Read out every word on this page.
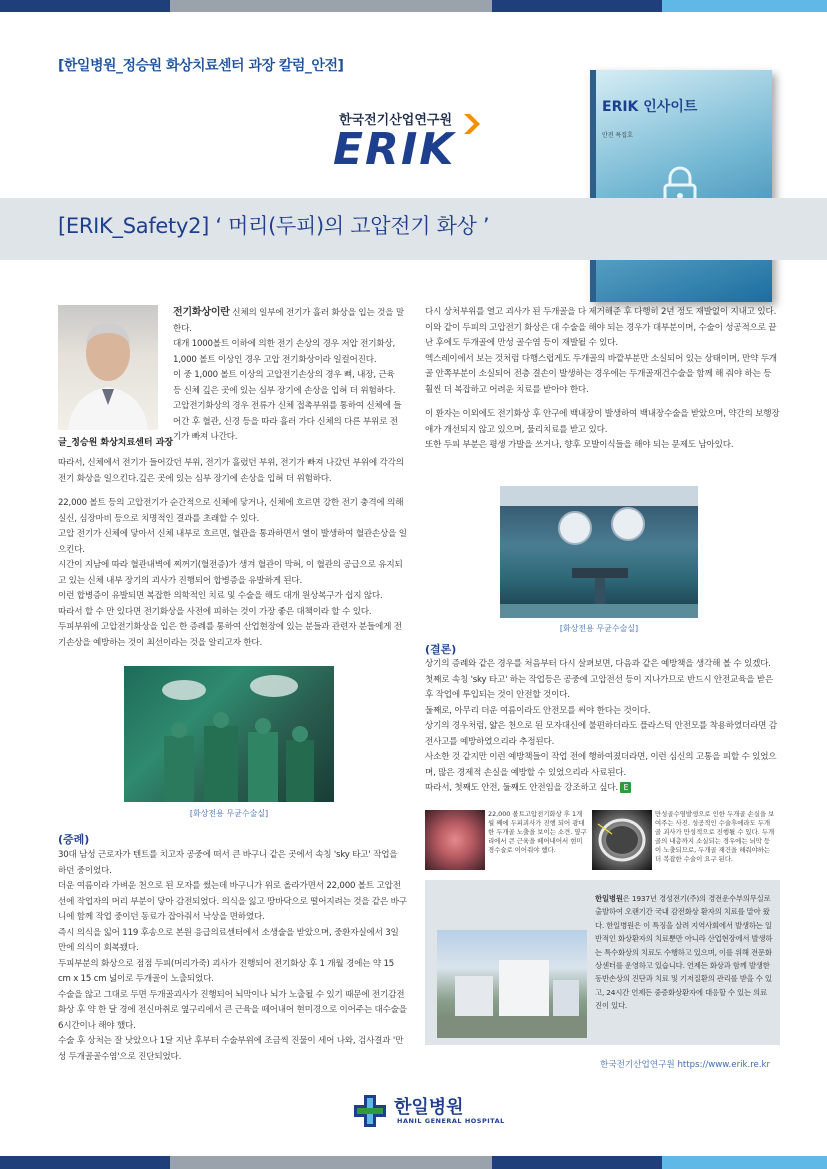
[한일병원_정승원 화상치료센터 과장 칼럼_안전]
한국전기산업연구원
ERIK
ERIK 인사이트
안전 특집호
[ERIK_Safety2] ‘ 머리(두피)의 고압전기 화상 ’
글_정승원 화상치료센터 과장

전기화상이란 신체의 일부에 전기가 흘러 화상을 입는 것을 말한다.

대개 1000볼트 이하에 의한 전기 손상의 경우 저압 전기화상,

1,000 볼트 이상인 경우 고압 전기화상이라 일컬어진다.

이 중 1,000 볼트 이상의 고압전기손상의 경우 뼈, 내장, 근육 등 신체 깊은 곳에 있는 심부 장기에 손상을 입혀 더 위험하다.

고압전기화상의 경우 전류가 신체 접촉부위를 통하여 신체에 들어간 후 혈관, 신경 등을 따라 흘러 가다 신체의 다른 부위로 전기가 빠져 나간다.

따라서, 신체에서 전기가 들어갔던 부위, 전기가 흘렀던 부위, 전기가 빠져 나갔던 부위에 각각의 전기 화상을 일으킨다.깊은 곳에 있는 심부 장기에 손상을 입혀 더 위험하다.

22,000 볼트 등의 고압전기가 순간적으로 신체에 닿거나, 신체에 흐르면 강한 전기 충격에 의해 실신, 심장마비 등으로 치명적인 결과를 초래할 수 있다.

고압 전기가 신체에 닿아서 신체 내부로 흐르면, 혈관을 통과하면서 열이 발생하여 혈관손상을 일으킨다.

시간이 지남에 따라 혈관내벽에 찌꺼기(혈전증)가 생겨 혈관이 막혀, 이 혈관의 공급으로 유지되고 있는 신체 내부 장기의 괴사가 진행되어 합병증을 유발하게 된다.

이런 합병증이 유발되면 복잡한 의학적인 치료 및 수술을 해도 대개 원상복구가 쉽지 않다.

따라서 할 수 만 있다면 전기화상을 사전에 피하는 것이 가장 좋은 대책이라 할 수 있다.

두피부위에 고압전기화상을 입은 한 증례를 통하여 산업현장에 있는 분들과 관련자 분들에게 전기손상을 예방하는 것이 최선이라는 것을 알리고자 한다.

[화상전용 무균수술실]
(증례)

30대 남성 근로자가 텐트를 치고자 공중에 떠서 큰 바구니 같은 곳에서 속칭 'sky 타고' 작업을 하던 중이었다.

더운 여름이라 가벼운 천으로 된 모자를 썼는데 바구니가 위로 올라가면서 22,000 볼트 고압전선에 작업자의 머리 부분이 닿아 감전되었다. 의식을 잃고 땅바닥으로 떨어지려는 것을 같은 바구니에 함께 작업 중이던 동료가 잡아줘서 낙상을 면하였다.

즉시 의식을 잃어 119 후송으로 본원 응급의료센터에서 소생술을 받았으며, 중환자실에서 3일 만에 의식이 회복됐다.

두피부분의 화상으로 점점 두피(머리가죽) 괴사가 진행되어 전기화상 후 1 개월 경에는 약 15 cm x 15 cm 넓이로 두개골이 노출되었다.

수술을 않고 그대로 두면 두개골괴사가 진행되어 뇌막이나 뇌가 노출될 수 있기 때문에 전기감전 화상 후 약 한 달 경에 전신마취로 옆구리에서 큰 근육을 떼어내어 현미경으로 이어주는 대수술을 6시간이나 해야 했다.

수술 후 상처는 잘 낫았으나 1달 지난 후부터 수술부위에 조금씩 진물이 세어 나와, 검사결과 '만성 두개골골수염'으로 진단되었다.

다시 상처부위를 열고 괴사가 된 두개골을 다 제거해준 후 다행히 2년 정도 재발없이 지내고 있다.

이와 같이 두피의 고압전기 화상은 대 수술을 해야 되는 경우가 대부분이며, 수술이 성공적으로 끝난 후에도 두개골에 만성 골수염 등이 재발될 수 있다.

엑스레이에서 보는 것처럼 다행스럽게도 두개골의 바깥부분만 소실되어 있는 상태이며, 만약 두개골 안쪽부분이 소실되어 전층 결손이 발생하는 경우에는 두개골재건수술을 함께 해 줘야 하는 등 훨씬 더 복잡하고 어려운 치료를 받아야 한다.

이 환자는 이외에도 전기화상 후 안구에 백내장이 발생하여 백내장수술을 받았으며, 약간의 보행장애가 개선되지 않고 있으며, 물리치료를 받고 있다.

또한 두피 부분은 평생 가발을 쓰거나, 향후 모발이식들을 해야 되는 문제도 남아있다.

[화상전용 무균수술실]
(결론)

상기의 증례와 같은 경우를 처음부터 다시 살펴보면, 다음과 같은 예방책을 생각해 볼 수 있겠다.

첫째로 속칭 'sky 타고' 하는 작업등은 공중에 고압전선 등이 지나가므로 반드시 안전교육을 받은 후 작업에 투입되는 것이 안전할 것이다.

둘째로, 아무리 더운 여름이라도 안전모를 써야 한다는 것이다.

상기의 경우처럼, 얇은 천으로 된 모자대신에 불편하더라도 플라스틱 안전모를 착용하였더라면 감전사고를 예방하였으리라 추정된다.

사소한 것 같지만 이런 예방책들이 작업 전에 행하여졌더라면, 이런 심신의 고통을 피할 수 있었으며, 많은 경제적 손실을 예방할 수 있었으리라 사료된다.

따라서, 첫째도 안전, 둘째도 안전임을 강조하고 싶다. E

22,000 볼트고압전기화상 후 1개월 째에 두피괴사가 진행 되어 광대한 두개골 노출을 보이는 소견. 옆구리에서 큰 근육을 떼어내어서 현미경수술로 이어줘야 했다.
만성골수염발생으로 인한 두개골 손실을 보여주는 사진. 성공적인 수술후에라도 두개골 괴사가 만성적으로 진행될 수 있다. 두개골의 내층까지 소실되는 경우에는 뇌막 등이 노출되므로, 두개골 재건을 해줘야하는 더 복잡한 수술이 요구 된다.
한일병원은 1937년 경성전기(주)의 경전운수부의무실로 출발하여 오랜기간 국내 감전화상 환자의 치료를 맡아 왔다. 한일병원은 이 특징을 살려 지역사회에서 발생하는 일반적인 화상환자의 치료뿐만 아니라 산업현장에서 발생하는 특수화상의 치료도 수행하고 있으며, 이를 위해 전문화상센터를 운영하고 있습니다. 언제든 화상과 함께 발생한 동반손상의 진단과 치료 및 기저질환의 관리를 받을 수 있고, 24시간 언제든 중증화상환자에 대응할 수 있는 의료진이 있다.
한국전기산업연구원 https://www.erik.re.kr
한일병원
HANIL GENERAL HOSPITAL
